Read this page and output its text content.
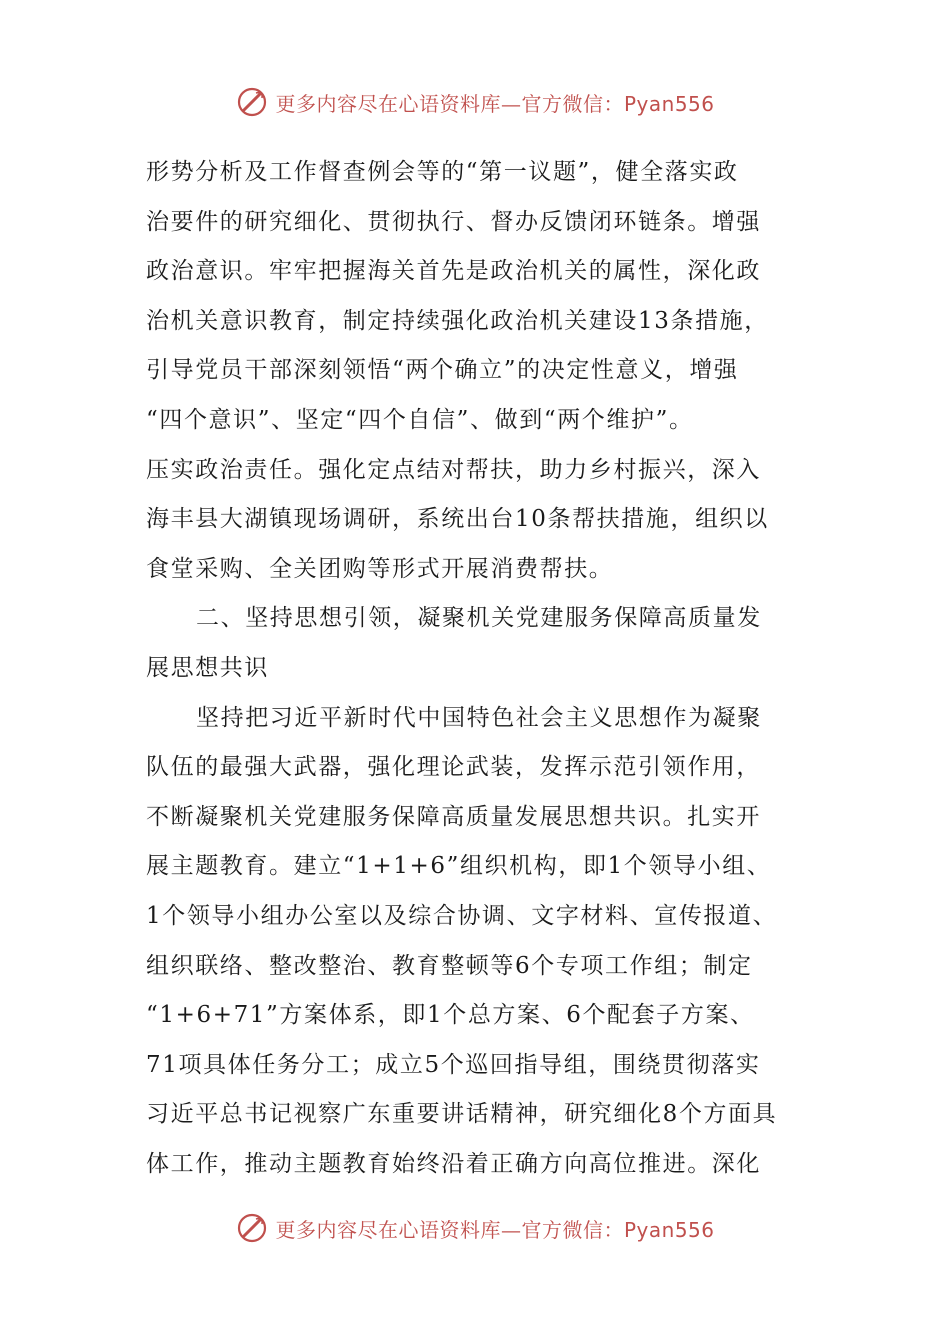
更多内容尽在心语资料库—官方微信：Pyan556
形势分析及工作督查例会等的“第一议题”，健全落实政
治要件的研究细化、贯彻执行、督办反馈闭环链条。增强
政治意识。牢牢把握海关首先是政治机关的属性，深化政
治机关意识教育，制定持续强化政治机关建设13条措施，
引导党员干部深刻领悟“两个确立”的决定性意义，增强
“四个意识”、坚定“四个自信”、做到“两个维护”。
压实政治责任。强化定点结对帮扶，助力乡村振兴，深入
海丰县大湖镇现场调研，系统出台10条帮扶措施，组织以
食堂采购、全关团购等形式开展消费帮扶。
二、坚持思想引领，凝聚机关党建服务保障高质量发
展思想共识
坚持把习近平新时代中国特色社会主义思想作为凝聚
队伍的最强大武器，强化理论武装，发挥示范引领作用，
不断凝聚机关党建服务保障高质量发展思想共识。扎实开
展主题教育。建立“1+1+6”组织机构，即1个领导小组、
1个领导小组办公室以及综合协调、文字材料、宣传报道、
组织联络、整改整治、教育整顿等6个专项工作组；制定
“1+6+71”方案体系，即1个总方案、6个配套子方案、
71项具体任务分工；成立5个巡回指导组，围绕贯彻落实
习近平总书记视察广东重要讲话精神，研究细化8个方面具
体工作，推动主题教育始终沿着正确方向高位推进。深化
更多内容尽在心语资料库—官方微信：Pyan556
